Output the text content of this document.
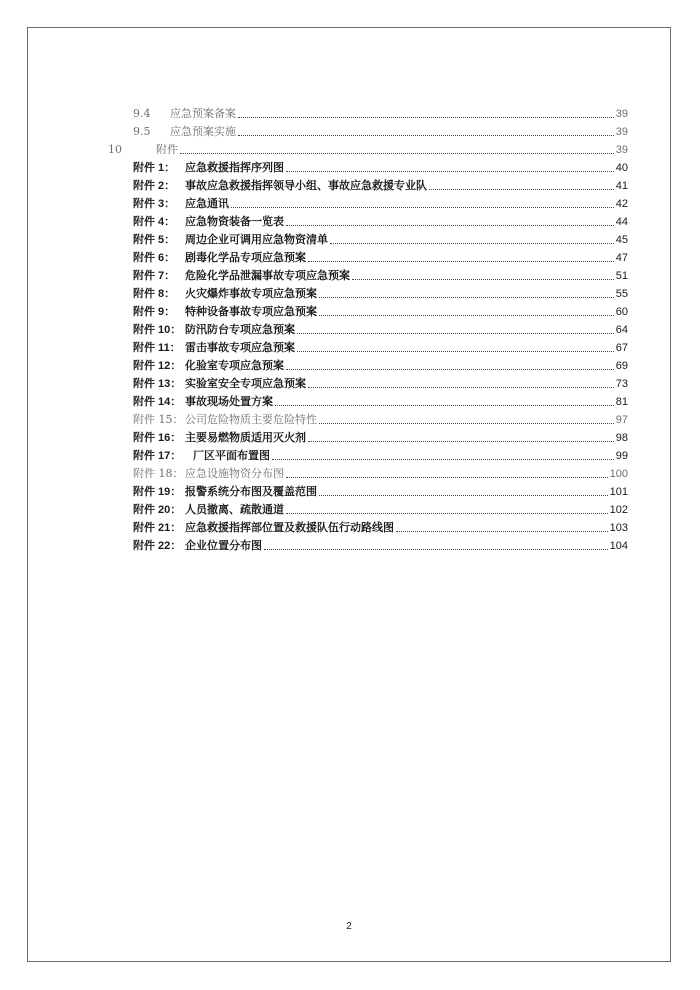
9.4	应急预案备案	39
9.5	应急预案实施	39
10	附件	39
附件 1： 应急救援指挥序列图	40
附件 2： 事故应急救援指挥领导小组、事故应急救援专业队	41
附件 3： 应急通讯	42
附件 4： 应急物资装备一览表	44
附件 5： 周边企业可调用应急物资清单	45
附件 6： 剧毒化学品专项应急预案	47
附件 7： 危险化学品泄漏事故专项应急预案	51
附件 8： 火灾爆炸事故专项应急预案	55
附件 9： 特种设备事故专项应急预案	60
附件 10： 防汛防台专项应急预案	64
附件 11： 雷击事故专项应急预案	67
附件 12： 化验室专项应急预案	69
附件 13： 实验室安全专项应急预案	73
附件 14： 事故现场处置方案	81
附件 15： 公司危险物质主要危险特性	97
附件 16： 主要易燃物质适用灭火剂	98
附件 17：	厂区平面布置图	99
附件 18： 应急设施物资分布图	100
附件 19： 报警系统分布图及覆盖范围	101
附件 20： 人员撤离、疏散通道	102
附件 21： 应急救援指挥部位置及救援队伍行动路线图	103
附件 22： 企业位置分布图	104
2
